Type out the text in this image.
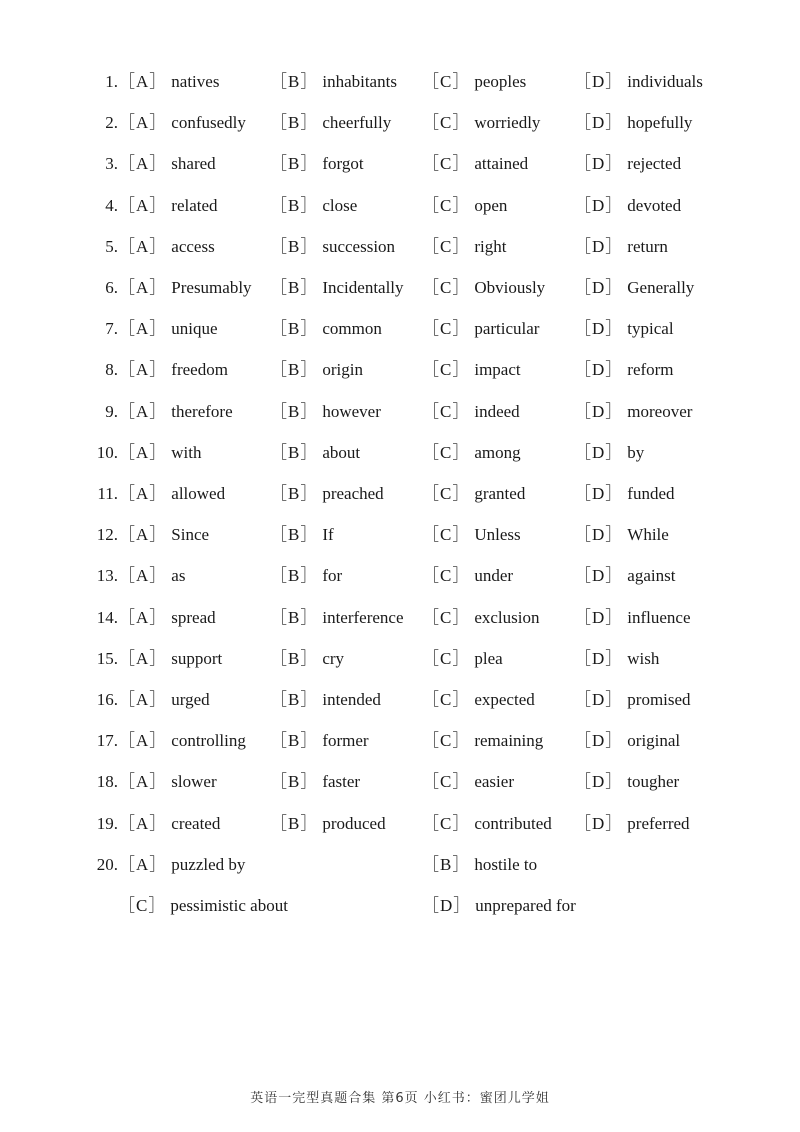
1. ［A］ natives	［B］ inhabitants ［C］ peoples	［D］ individuals
2. ［A］ confusedly ［B］ cheerfully ［C］ worriedly ［D］ hopefully
3. ［A］ shared	［B］ forgot	［C］ attained	［D］ rejected
4. ［A］ related	［B］ close	［C］ open	［D］ devoted
5. ［A］ access	［B］ succession ［C］ right	［D］ return
6. ［A］ Presumably ［B］ Incidentally ［C］ Obviously ［D］ Generally
7. ［A］ unique	［B］ common ［C］ particular ［D］ typical
8. ［A］ freedom ［B］ origin	［C］ impact	［D］ reform
9. ［A］ therefore ［B］ however ［C］ indeed	［D］ moreover
10. ［A］ with	［B］ about	［C］ among	［D］ by
11. ［A］ allowed	［B］ preached ［C］ granted	［D］ funded
12. ［A］ Since	［B］ If	［C］ Unless	［D］ While
13. ［A］ as	［B］ for	［C］ under	［D］ against
14. ［A］ spread	［B］ interference ［C］ exclusion ［D］ influence
15. ［A］ support	［B］ cry	［C］ plea	［D］ wish
16. ［A］ urged	［B］ intended ［C］ expected ［D］ promised
17. ［A］ controlling ［B］ former	［C］ remaining ［D］ original
18. ［A］ slower	［B］ faster	［C］ easier	［D］ tougher
19. ［A］ created	［B］ produced ［C］ contributed ［D］ preferred
20. ［A］ puzzled by	［B］ hostile to
［C］ pessimistic about	［D］ unprepared for
英语一完型真题合集 第6页 小红书：蜜团儿学姐
